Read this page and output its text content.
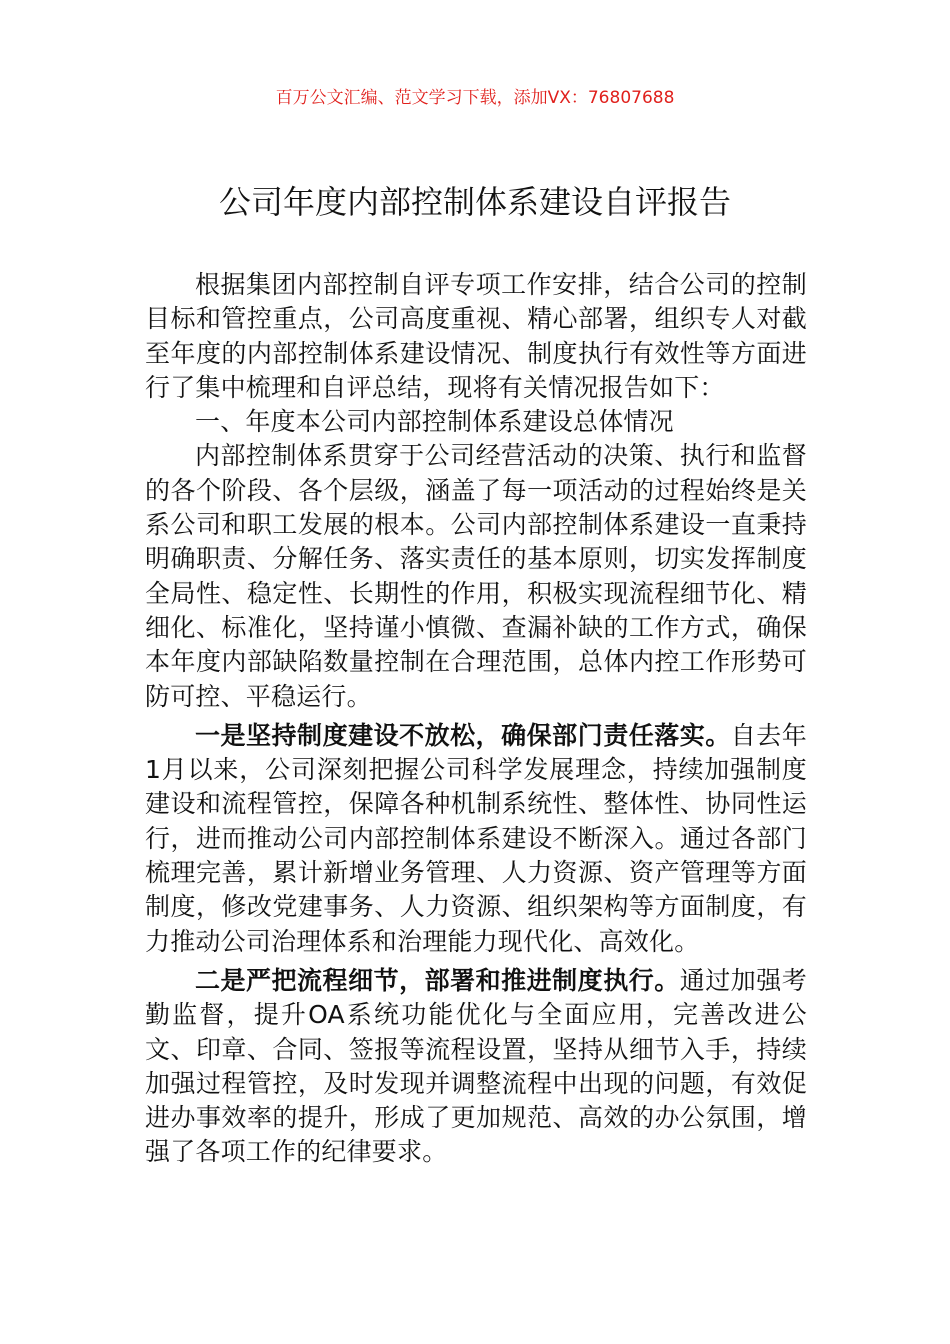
百万公文汇编、范文学习下载，添加VX：76807688
公司年度内部控制体系建设自评报告

根据集团内部控制自评专项工作安排，结合公司的控制目标和管控重点，公司高度重视、精心部署，组织专人对截至年度的内部控制体系建设情况、制度执行有效性等方面进行了集中梳理和自评总结，现将有关情况报告如下：

一、年度本公司内部控制体系建设总体情况

内部控制体系贯穿于公司经营活动的决策、执行和监督的各个阶段、各个层级，涵盖了每一项活动的过程始终是关系公司和职工发展的根本。公司内部控制体系建设一直秉持明确职责、分解任务、落实责任的基本原则，切实发挥制度全局性、稳定性、长期性的作用，积极实现流程细节化、精细化、标准化，坚持谨小慎微、查漏补缺的工作方式，确保本年度内部缺陷数量控制在合理范围，总体内控工作形势可防可控、平稳运行。

一是坚持制度建设不放松，确保部门责任落实。自去年1月以来，公司深刻把握公司科学发展理念，持续加强制度建设和流程管控，保障各种机制系统性、整体性、协同性运行，进而推动公司内部控制体系建设不断深入。通过各部门梳理完善，累计新增业务管理、人力资源、资产管理等方面制度，修改党建事务、人力资源、组织架构等方面制度，有力推动公司治理体系和治理能力现代化、高效化。

二是严把流程细节，部署和推进制度执行。通过加强考勤监督，提升OA系统功能优化与全面应用，完善改进公文、印章、合同、签报等流程设置，坚持从细节入手，持续加强过程管控，及时发现并调整流程中出现的问题，有效促进办事效率的提升，形成了更加规范、高效的办公氛围，增强了各项工作的纪律要求。
